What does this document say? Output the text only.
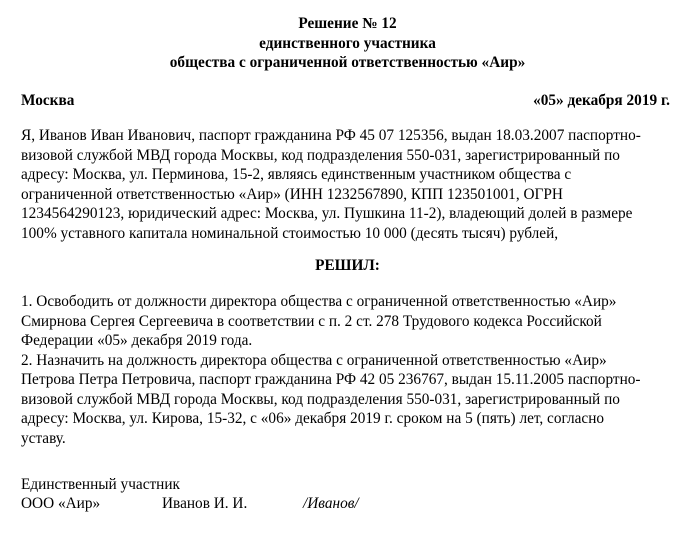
Решение № 12
единственного участника
общества с ограниченной ответственностью «Аир»
Москва	«05» декабря 2019 г.
Я, Иванов Иван Иванович, паспорт гражданина РФ 45 07 125356, выдан 18.03.2007 паспортно-
визовой службой МВД города Москвы, код подразделения 550-031, зарегистрированный по
адресу: Москва, ул. Перминова, 15-2, являясь единственным участником общества с
ограниченной ответственностью «Аир» (ИНН 1232567890, КПП 123501001, ОГРН
1234564290123, юридический адрес: Москва, ул. Пушкина 11-2), владеющий долей в размере
100% уставного капитала номинальной стоимостью 10 000 (десять тысяч) рублей,
РЕШИЛ:
1. Освободить от должности директора общества с ограниченной ответственностью «Аир»
Смирнова Сергея Сергеевича в соответствии с п. 2 ст. 278 Трудового кодекса Российской
Федерации «05» декабря 2019 года.
2. Назначить на должность директора общества с ограниченной ответственностью «Аир»
Петрова Петра Петровича, паспорт гражданина РФ 42 05 236767, выдан 15.11.2005 паспортно-
визовой службой МВД города Москвы, код подразделения 550-031, зарегистрированный по
адресу: Москва, ул. Кирова, 15-32, с «06» декабря 2019 г. сроком на 5 (пять) лет, согласно
уставу.
Единственный участник
ООО «Аир»	Иванов И. И.	/Иванов/
